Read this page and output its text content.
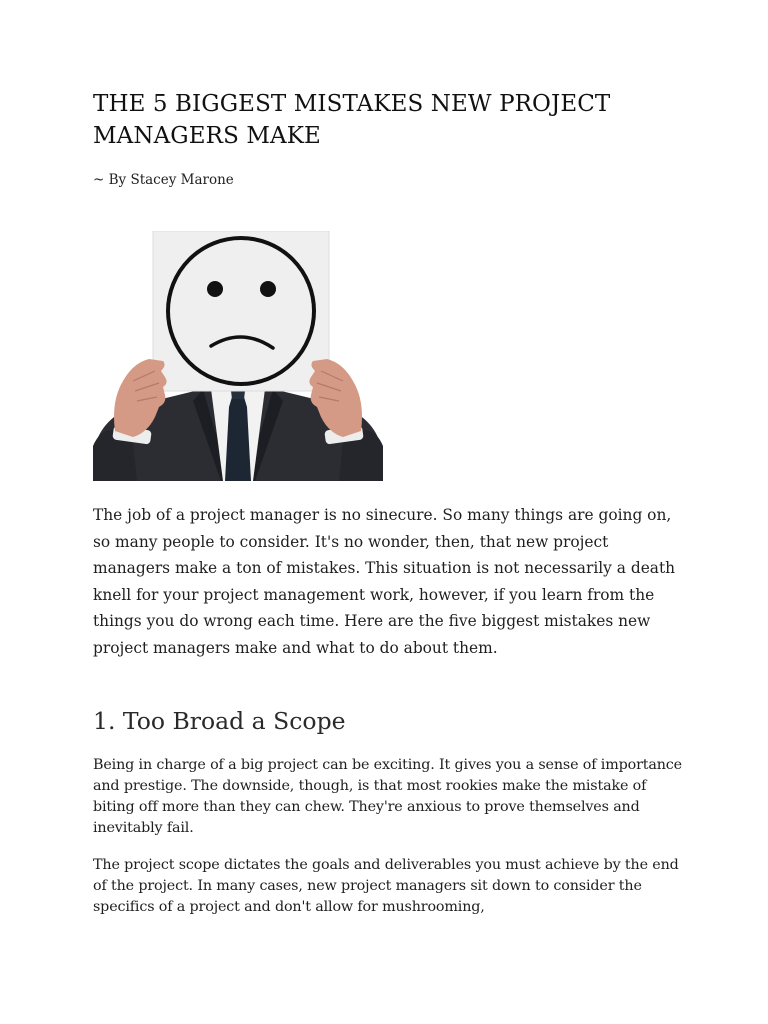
THE 5 BIGGEST MISTAKES NEW PROJECT MANAGERS MAKE

~ By Stacey Marone

The job of a project manager is no sinecure. So many things are going on, so many people to consider. It's no wonder, then, that new project managers make a ton of mistakes. This situation is not necessarily a death knell for your project management work, however, if you learn from the things you do wrong each time. Here are the five biggest mistakes new project managers make and what to do about them.

1. Too Broad a Scope

Being in charge of a big project can be exciting. It gives you a sense of importance and prestige. The downside, though, is that most rookies make the mistake of biting off more than they can chew. They're anxious to prove themselves and inevitably fail.

The project scope dictates the goals and deliverables you must achieve by the end of the project. In many cases, new project managers sit down to consider the specifics of a project and don't allow for mushrooming,
